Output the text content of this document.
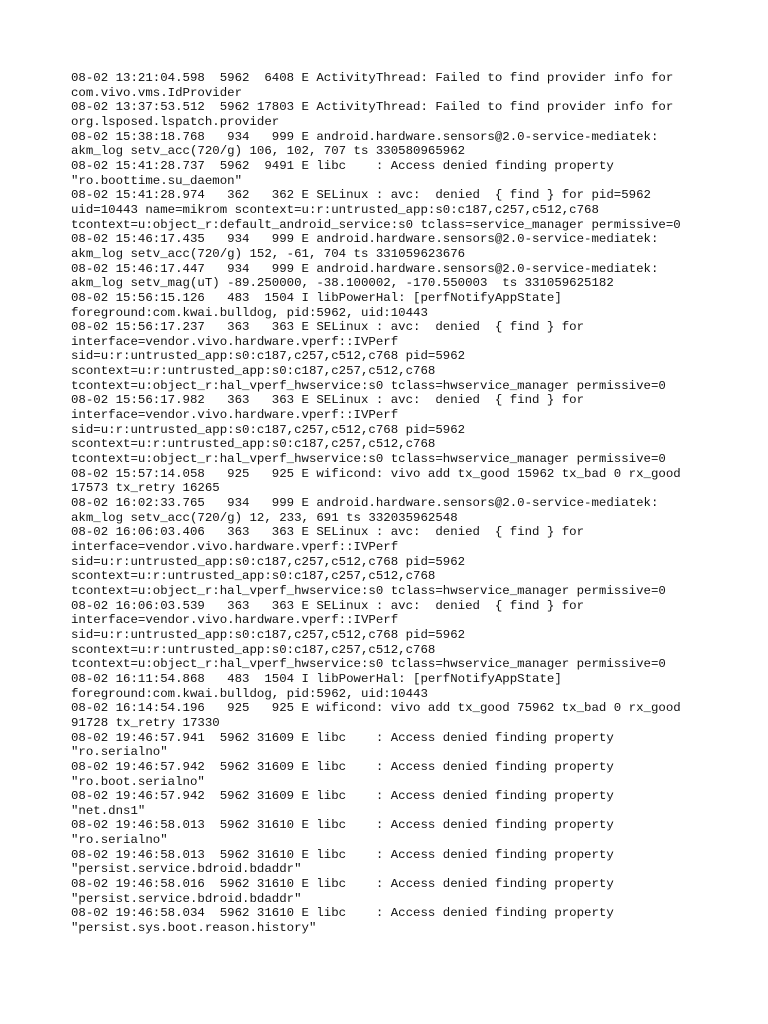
08-02 13:21:04.598  5962  6408 E ActivityThread: Failed to find provider info for
com.vivo.vms.IdProvider
08-02 13:37:53.512  5962 17803 E ActivityThread: Failed to find provider info for
org.lsposed.lspatch.provider
08-02 15:38:18.768   934   999 E android.hardware.sensors@2.0-service-mediatek:
akm_log setv_acc(720/g) 106, 102, 707 ts 330580965962
08-02 15:41:28.737  5962  9491 E libc    : Access denied finding property
"ro.boottime.su_daemon"
08-02 15:41:28.974   362   362 E SELinux : avc:  denied  { find } for pid=5962
uid=10443 name=mikrom scontext=u:r:untrusted_app:s0:c187,c257,c512,c768
tcontext=u:object_r:default_android_service:s0 tclass=service_manager permissive=0
08-02 15:46:17.435   934   999 E android.hardware.sensors@2.0-service-mediatek:
akm_log setv_acc(720/g) 152, -61, 704 ts 331059623676
08-02 15:46:17.447   934   999 E android.hardware.sensors@2.0-service-mediatek:
akm_log setv_mag(uT) -89.250000, -38.100002, -170.550003  ts 331059625182
08-02 15:56:15.126   483  1504 I libPowerHal: [perfNotifyAppState]
foreground:com.kwai.bulldog, pid:5962, uid:10443
08-02 15:56:17.237   363   363 E SELinux : avc:  denied  { find } for
interface=vendor.vivo.hardware.vperf::IVPerf
sid=u:r:untrusted_app:s0:c187,c257,c512,c768 pid=5962
scontext=u:r:untrusted_app:s0:c187,c257,c512,c768
tcontext=u:object_r:hal_vperf_hwservice:s0 tclass=hwservice_manager permissive=0
08-02 15:56:17.982   363   363 E SELinux : avc:  denied  { find } for
interface=vendor.vivo.hardware.vperf::IVPerf
sid=u:r:untrusted_app:s0:c187,c257,c512,c768 pid=5962
scontext=u:r:untrusted_app:s0:c187,c257,c512,c768
tcontext=u:object_r:hal_vperf_hwservice:s0 tclass=hwservice_manager permissive=0
08-02 15:57:14.058   925   925 E wificond: vivo add tx_good 15962 tx_bad 0 rx_good
17573 tx_retry 16265
08-02 16:02:33.765   934   999 E android.hardware.sensors@2.0-service-mediatek:
akm_log setv_acc(720/g) 12, 233, 691 ts 332035962548
08-02 16:06:03.406   363   363 E SELinux : avc:  denied  { find } for
interface=vendor.vivo.hardware.vperf::IVPerf
sid=u:r:untrusted_app:s0:c187,c257,c512,c768 pid=5962
scontext=u:r:untrusted_app:s0:c187,c257,c512,c768
tcontext=u:object_r:hal_vperf_hwservice:s0 tclass=hwservice_manager permissive=0
08-02 16:06:03.539   363   363 E SELinux : avc:  denied  { find } for
interface=vendor.vivo.hardware.vperf::IVPerf
sid=u:r:untrusted_app:s0:c187,c257,c512,c768 pid=5962
scontext=u:r:untrusted_app:s0:c187,c257,c512,c768
tcontext=u:object_r:hal_vperf_hwservice:s0 tclass=hwservice_manager permissive=0
08-02 16:11:54.868   483  1504 I libPowerHal: [perfNotifyAppState]
foreground:com.kwai.bulldog, pid:5962, uid:10443
08-02 16:14:54.196   925   925 E wificond: vivo add tx_good 75962 tx_bad 0 rx_good
91728 tx_retry 17330
08-02 19:46:57.941  5962 31609 E libc    : Access denied finding property
"ro.serialno"
08-02 19:46:57.942  5962 31609 E libc    : Access denied finding property
"ro.boot.serialno"
08-02 19:46:57.942  5962 31609 E libc    : Access denied finding property
"net.dns1"
08-02 19:46:58.013  5962 31610 E libc    : Access denied finding property
"ro.serialno"
08-02 19:46:58.013  5962 31610 E libc    : Access denied finding property
"persist.service.bdroid.bdaddr"
08-02 19:46:58.016  5962 31610 E libc    : Access denied finding property
"persist.service.bdroid.bdaddr"
08-02 19:46:58.034  5962 31610 E libc    : Access denied finding property
"persist.sys.boot.reason.history"
